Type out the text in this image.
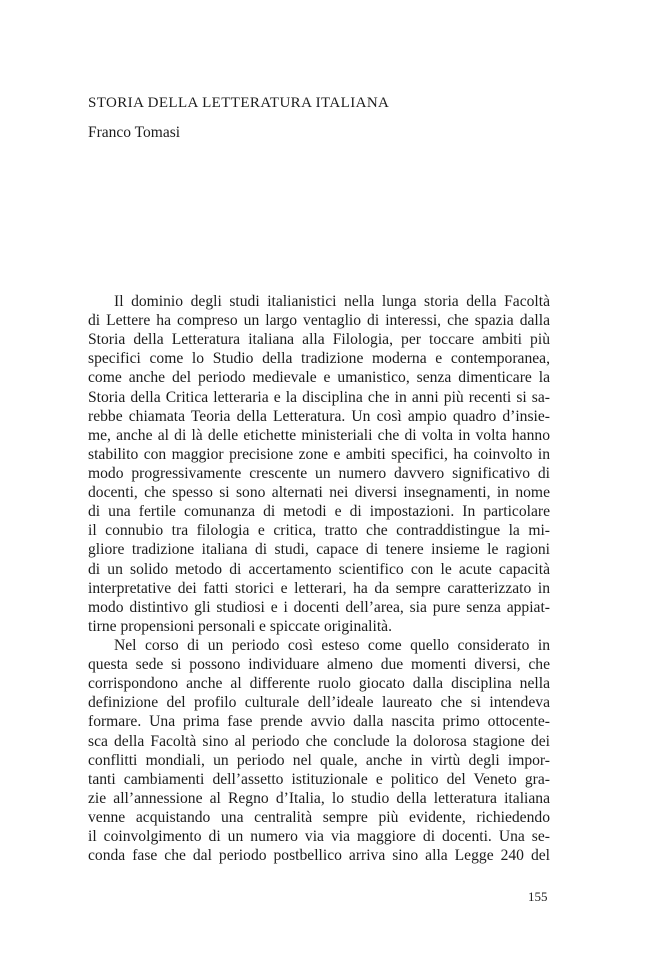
STORIA DELLA LETTERATURA ITALIANA
Franco Tomasi
Il dominio degli studi italianistici nella lunga storia della Facoltà
di Lettere ha compreso un largo ventaglio di interessi, che spazia dalla
Storia della Letteratura italiana alla Filologia, per toccare ambiti più
specifici come lo Studio della tradizione moderna e contemporanea,
come anche del periodo medievale e umanistico, senza dimenticare la
Storia della Critica letteraria e la disciplina che in anni più recenti si sa-
rebbe chiamata Teoria della Letteratura. Un così ampio quadro d’insie-
me, anche al di là delle etichette ministeriali che di volta in volta hanno
stabilito con maggior precisione zone e ambiti specifici, ha coinvolto in
modo progressivamente crescente un numero davvero significativo di
docenti, che spesso si sono alternati nei diversi insegnamenti, in nome
di una fertile comunanza di metodi e di impostazioni. In particolare
il connubio tra filologia e critica, tratto che contraddistingue la mi-
gliore tradizione italiana di studi, capace di tenere insieme le ragioni
di un solido metodo di accertamento scientifico con le acute capacità
interpretative dei fatti storici e letterari, ha da sempre caratterizzato in
modo distintivo gli studiosi e i docenti dell’area, sia pure senza appiat-
tirne propensioni personali e spiccate originalità.
Nel corso di un periodo così esteso come quello considerato in
questa sede si possono individuare almeno due momenti diversi, che
corrispondono anche al differente ruolo giocato dalla disciplina nella
definizione del profilo culturale dell’ideale laureato che si intendeva
formare. Una prima fase prende avvio dalla nascita primo ottocente-
sca della Facoltà sino al periodo che conclude la dolorosa stagione dei
conflitti mondiali, un periodo nel quale, anche in virtù degli impor-
tanti cambiamenti dell’assetto istituzionale e politico del Veneto gra-
zie all’annessione al Regno d’Italia, lo studio della letteratura italiana
venne acquistando una centralità sempre più evidente, richiedendo
il coinvolgimento di un numero via via maggiore di docenti. Una se-
conda fase che dal periodo postbellico arriva sino alla Legge 240 del
155
